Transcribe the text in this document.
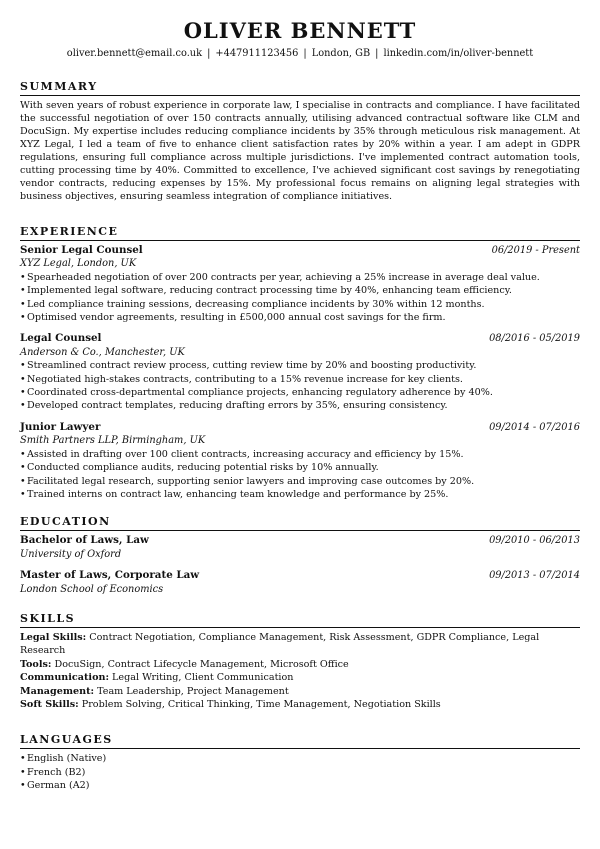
OLIVER BENNETT
oliver.bennett@email.co.uk | +447911123456 | London, GB | linkedin.com/in/oliver-bennett
SUMMARY
With seven years of robust experience in corporate law, I specialise in contracts and compliance. I have facilitated the successful negotiation of over 150 contracts annually, utilising advanced contractual software like CLM and DocuSign. My expertise includes reducing compliance incidents by 35% through meticulous risk management. At XYZ Legal, I led a team of five to enhance client satisfaction rates by 20% within a year. I am adept in GDPR regulations, ensuring full compliance across multiple jurisdictions. I've implemented contract automation tools, cutting processing time by 40%. Committed to excellence, I've achieved significant cost savings by renegotiating vendor contracts, reducing expenses by 15%. My professional focus remains on aligning legal strategies with business objectives, ensuring seamless integration of compliance initiatives.
EXPERIENCE
Senior Legal Counsel	06/2019 - Present
XYZ Legal, London, UK
• Spearheaded negotiation of over 200 contracts per year, achieving a 25% increase in average deal value.
• Implemented legal software, reducing contract processing time by 40%, enhancing team efficiency.
• Led compliance training sessions, decreasing compliance incidents by 30% within 12 months.
• Optimised vendor agreements, resulting in £500,000 annual cost savings for the firm.
Legal Counsel	08/2016 - 05/2019
Anderson & Co., Manchester, UK
• Streamlined contract review process, cutting review time by 20% and boosting productivity.
• Negotiated high-stakes contracts, contributing to a 15% revenue increase for key clients.
• Coordinated cross-departmental compliance projects, enhancing regulatory adherence by 40%.
• Developed contract templates, reducing drafting errors by 35%, ensuring consistency.
Junior Lawyer	09/2014 - 07/2016
Smith Partners LLP, Birmingham, UK
• Assisted in drafting over 100 client contracts, increasing accuracy and efficiency by 15%.
• Conducted compliance audits, reducing potential risks by 10% annually.
• Facilitated legal research, supporting senior lawyers and improving case outcomes by 20%.
• Trained interns on contract law, enhancing team knowledge and performance by 25%.
EDUCATION
Bachelor of Laws, Law	09/2010 - 06/2013
University of Oxford
Master of Laws, Corporate Law	09/2013 - 07/2014
London School of Economics
SKILLS
Legal Skills: Contract Negotiation, Compliance Management, Risk Assessment, GDPR Compliance, Legal Research
Tools: DocuSign, Contract Lifecycle Management, Microsoft Office
Communication: Legal Writing, Client Communication
Management: Team Leadership, Project Management
Soft Skills: Problem Solving, Critical Thinking, Time Management, Negotiation Skills
LANGUAGES
• English (Native)
• French (B2)
• German (A2)
